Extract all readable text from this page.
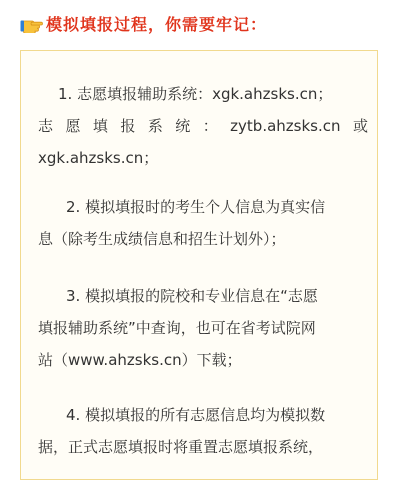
模拟填报过程，你需要牢记：
1. 志愿填报辅助系统：xgk.ahzsks.cn；
志 愿 填 报 系 统 ： zytb.ahzsks.cn 或
xgk.ahzsks.cn；
2. 模拟填报时的考生个人信息为真实信
息（除考生成绩信息和招生计划外）；
3. 模拟填报的院校和专业信息在“志愿
填报辅助系统”中查询，也可在省考试院网
站（www.ahzsks.cn）下载；
4. 模拟填报的所有志愿信息均为模拟数
据，正式志愿填报时将重置志愿填报系统，
